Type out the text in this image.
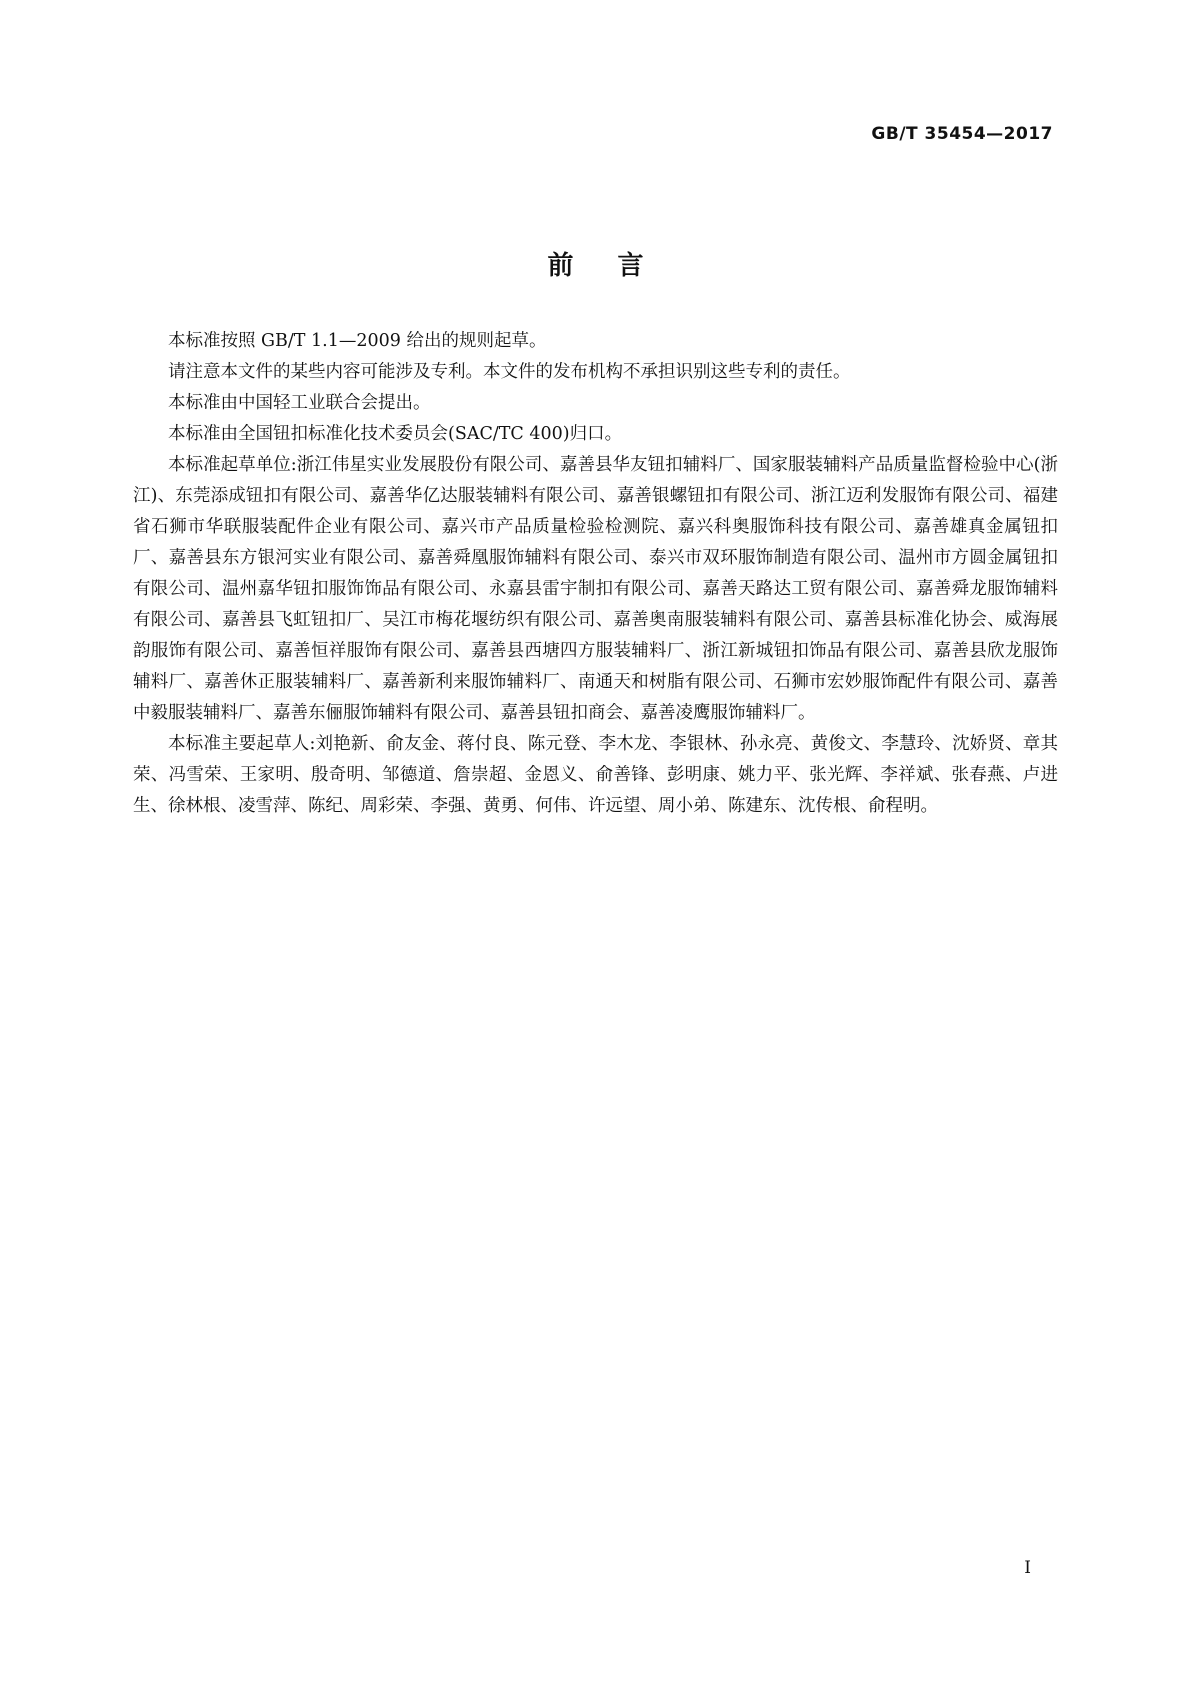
GB/T 35454—2017
前言

本标准按照 GB/T 1.1—2009 给出的规则起草。

请注意本文件的某些内容可能涉及专利。本文件的发布机构不承担识别这些专利的责任。

本标准由中国轻工业联合会提出。

本标准由全国钮扣标准化技术委员会(SAC/TC 400)归口。

本标准起草单位:浙江伟星实业发展股份有限公司、嘉善县华友钮扣辅料厂、国家服装辅料产品质量监督检验中心(浙江)、东莞添成钮扣有限公司、嘉善华亿达服装辅料有限公司、嘉善银螺钮扣有限公司、浙江迈利发服饰有限公司、福建省石狮市华联服装配件企业有限公司、嘉兴市产品质量检验检测院、嘉兴科奥服饰科技有限公司、嘉善雄真金属钮扣厂、嘉善县东方银河实业有限公司、嘉善舜凰服饰辅料有限公司、泰兴市双环服饰制造有限公司、温州市方圆金属钮扣有限公司、温州嘉华钮扣服饰饰品有限公司、永嘉县雷宇制扣有限公司、嘉善天路达工贸有限公司、嘉善舜龙服饰辅料有限公司、嘉善县飞虹钮扣厂、吴江市梅花堰纺织有限公司、嘉善奥南服装辅料有限公司、嘉善县标准化协会、威海展韵服饰有限公司、嘉善恒祥服饰有限公司、嘉善县西塘四方服装辅料厂、浙江新城钮扣饰品有限公司、嘉善县欣龙服饰辅料厂、嘉善休正服装辅料厂、嘉善新利来服饰辅料厂、南通天和树脂有限公司、石狮市宏妙服饰配件有限公司、嘉善中毅服装辅料厂、嘉善东俪服饰辅料有限公司、嘉善县钮扣商会、嘉善凌鹰服饰辅料厂。

本标准主要起草人:刘艳新、俞友金、蒋付良、陈元登、李木龙、李银林、孙永亮、黄俊文、李慧玲、沈娇贤、章其荣、冯雪荣、王家明、殷奇明、邹德道、詹崇超、金恩义、俞善锋、彭明康、姚力平、张光辉、李祥斌、张春燕、卢进生、徐林根、凌雪萍、陈纪、周彩荣、李强、黄勇、何伟、许远望、周小弟、陈建东、沈传根、俞程明。

I
